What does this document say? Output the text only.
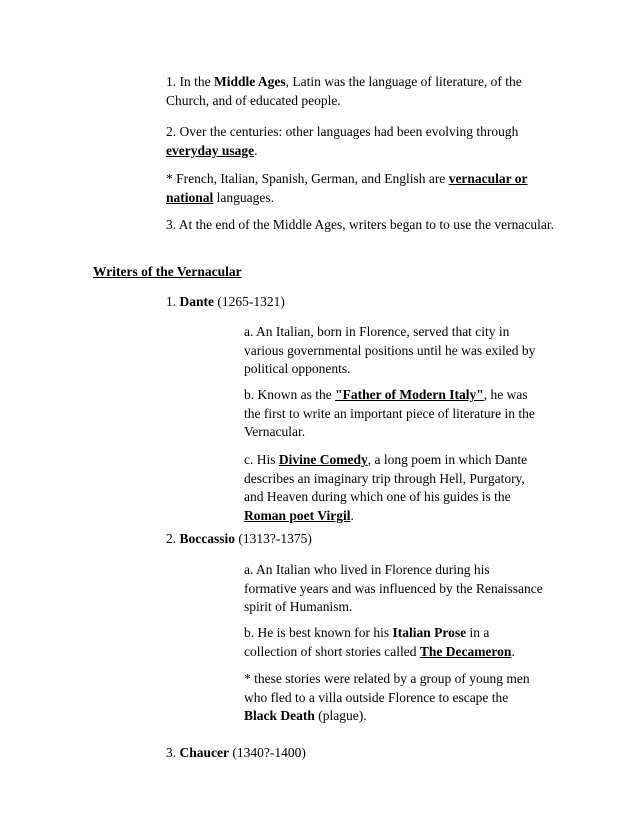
1. In the Middle Ages, Latin was the language of literature, of the Church, and of educated people.

2. Over the centuries: other languages had been evolving through everyday usage.

* French, Italian, Spanish, German, and English are vernacular or national languages.

3. At the end of the Middle Ages, writers began to to use the vernacular.

Writers of the Vernacular

1. Dante (1265-1321)

a. An Italian, born in Florence, served that city in various governmental positions until he was exiled by political opponents.

b. Known as the "Father of Modern Italy", he was the first to write an important piece of literature in the Vernacular.

c. His Divine Comedy, a long poem in which Dante describes an imaginary trip through Hell, Purgatory, and Heaven during which one of his guides is the Roman poet Virgil.

2. Boccassio (1313?-1375)

a. An Italian who lived in Florence during his formative years and was influenced by the Renaissance spirit of Humanism.

b. He is best known for his Italian Prose in a collection of short stories called The Decameron.

* these stories were related by a group of young men who fled to a villa outside Florence to escape the Black Death (plague).

3. Chaucer (1340?-1400)
